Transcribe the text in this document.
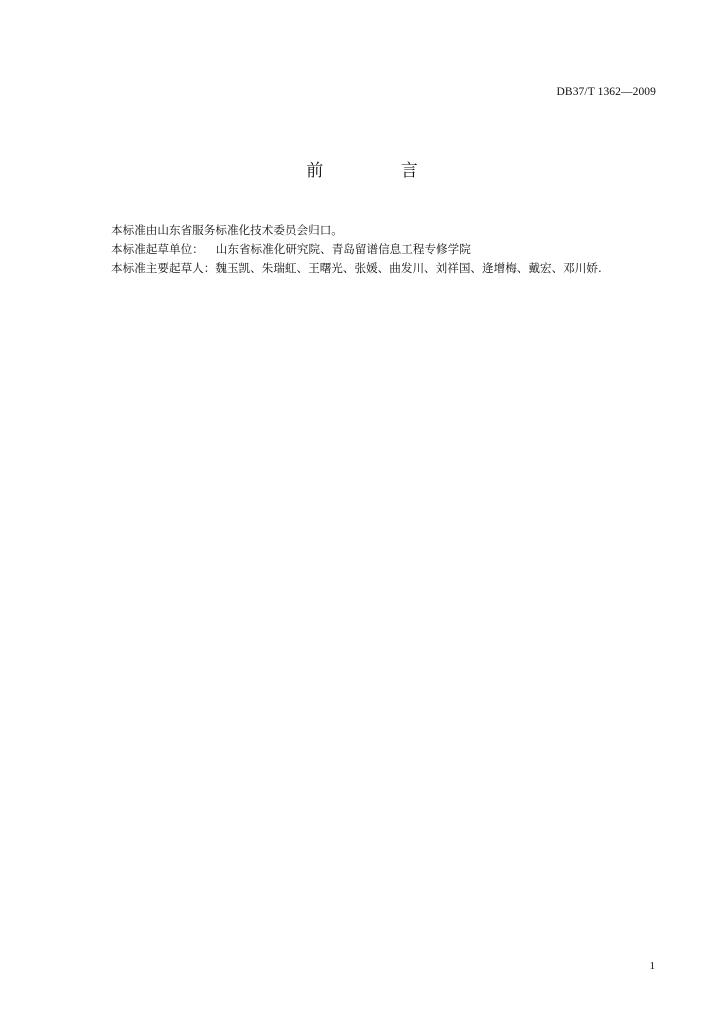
DB37/T 1362—2009
前 言
本标准由山东省服务标准化技术委员会归口。
本标准起草单位： 山东省标准化研究院、青岛留谱信息工程专修学院
本标准主要起草人：魏玉凯、朱瑞虹、王曙光、张媛、曲发川、刘祥国、逄增梅、戴宏、邓川娇.
1
